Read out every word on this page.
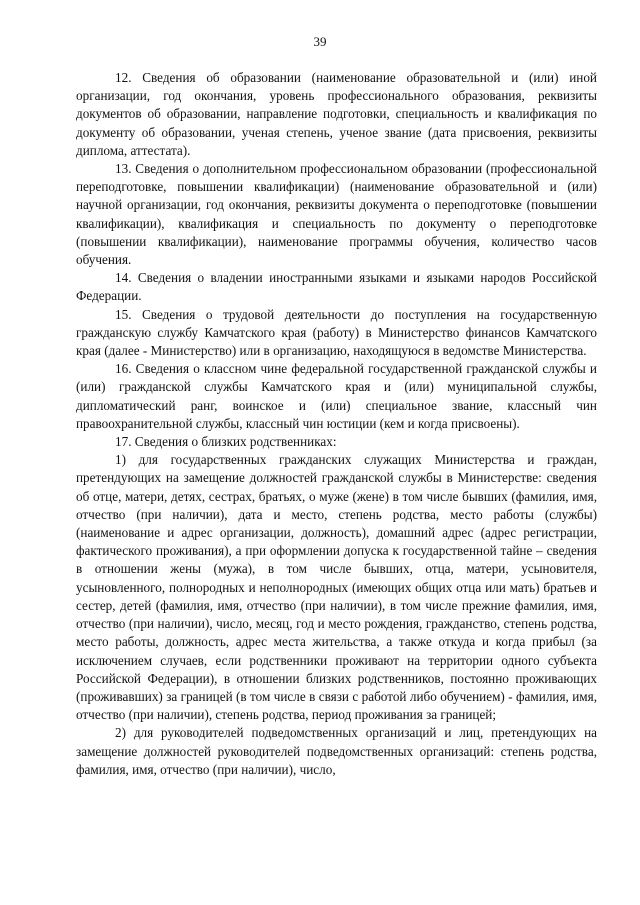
39

12. Сведения об образовании (наименование образовательной и (или) иной организации, год окончания, уровень профессионального образования, реквизиты документов об образовании, направление подготовки, специальность и квалификация по документу об образовании, ученая степень, ученое звание (дата присвоения, реквизиты диплома, аттестата).

13. Сведения о дополнительном профессиональном образовании (профессиональной переподготовке, повышении квалификации) (наименование образовательной и (или) научной организации, год окончания, реквизиты документа о переподготовке (повышении квалификации), квалификация и специальность по документу о переподготовке (повышении квалификации), наименование программы обучения, количество часов обучения.

14. Сведения о владении иностранными языками и языками народов Российской Федерации.

15. Сведения о трудовой деятельности до поступления на государственную гражданскую службу Камчатского края (работу) в Министерство финансов Камчатского края (далее - Министерство) или в организацию, находящуюся в ведомстве Министерства.

16. Сведения о классном чине федеральной государственной гражданской службы и (или) гражданской службы Камчатского края и (или) муниципальной службы, дипломатический ранг, воинское и (или) специальное звание, классный чин правоохранительной службы, классный чин юстиции (кем и когда присвоены).

17. Сведения о близких родственниках:

1) для государственных гражданских служащих Министерства и граждан, претендующих на замещение должностей гражданской службы в Министерстве: сведения об отце, матери, детях, сестрах, братьях, о муже (жене) в том числе бывших (фамилия, имя, отчество (при наличии), дата и место, степень родства, место работы (службы) (наименование и адрес организации, должность), домашний адрес (адрес регистрации, фактического проживания), а при оформлении допуска к государственной тайне – сведения в отношении жены (мужа), в том числе бывших, отца, матери, усыновителя, усыновленного, полнородных и неполнородных (имеющих общих отца или мать) братьев и сестер, детей (фамилия, имя, отчество (при наличии), в том числе прежние фамилия, имя, отчество (при наличии), число, месяц, год и место рождения, гражданство, степень родства, место работы, должность, адрес места жительства, а также откуда и когда прибыл (за исключением случаев, если родственники проживают на территории одного субъекта Российской Федерации), в отношении близких родственников, постоянно проживающих (проживавших) за границей (в том числе в связи с работой либо обучением) - фамилия, имя, отчество (при наличии), степень родства, период проживания за границей;

2) для руководителей подведомственных организаций и лиц, претендующих на замещение должностей руководителей подведомственных организаций: степень родства, фамилия, имя, отчество (при наличии), число,
